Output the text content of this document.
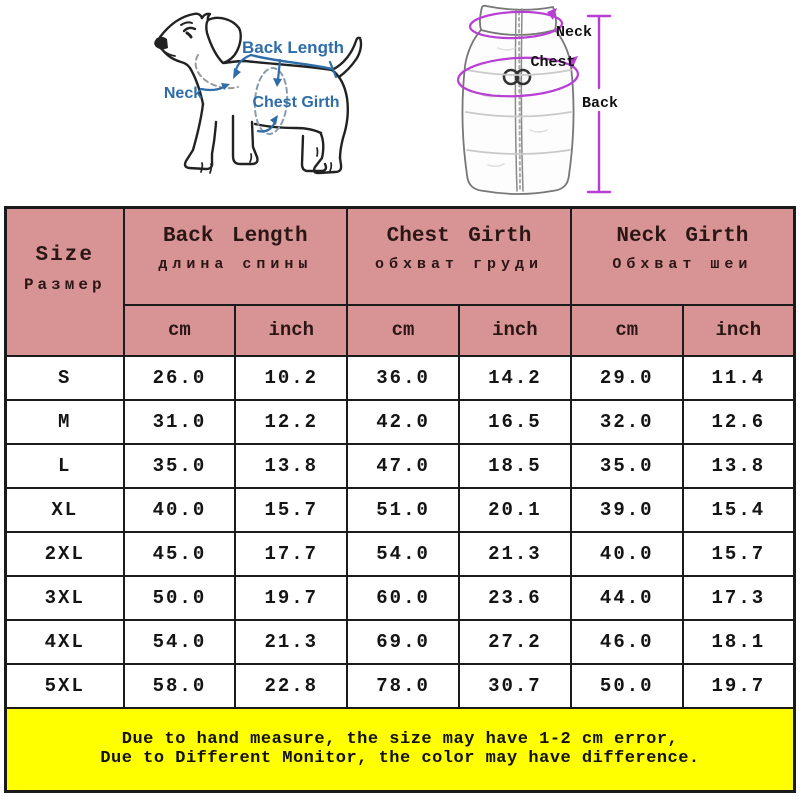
Back Length
Neck
Chest Girth
Neck
Chest
Back
Size
Размер

Back Length
длина спины

Chest Girth
обхват груди

Neck Girth
Обхват шеи

	cm	inch	cm	inch	cm	inch
S	26.0	10.2	36.0	14.2	29.0	11.4
M	31.0	12.2	42.0	16.5	32.0	12.6
L	35.0	13.8	47.0	18.5	35.0	13.8
XL	40.0	15.7	51.0	20.1	39.0	15.4
2XL	45.0	17.7	54.0	21.3	40.0	15.7
3XL	50.0	19.7	60.0	23.6	44.0	17.3
4XL	54.0	21.3	69.0	27.2	46.0	18.1
5XL	58.0	22.8	78.0	30.7	50.0	19.7

Due to hand measure, the size may have 1-2 cm error,
Due to Different Monitor, the color may have difference.						
